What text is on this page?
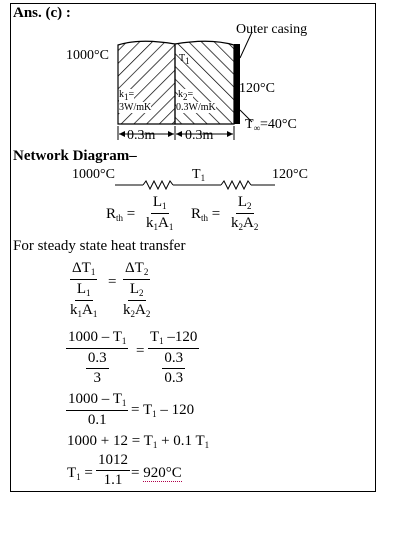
Ans. (c) :
Outer casing
1000°C	T1
120°C
$T_\infty=40^\circ C$
k1=
3W/mK
k2=
0.3W/mK
0.3m 0.3m
Network Diagram–
1000°C	$T_1$	120°C
$R_{th} = \frac{L_1}{k_1A_1} R_{th} = \frac{L_2}{k_2A_2}$
For steady state heat transfer
$\Delta T_1$
$L_1$
$k_1A_1$
=
$\Delta T_2$
$L_2$
$k_2A_2$
$1000 - T_1$
0.3
3
=
$T_1$ –120
0.3
0.3
$\frac{1000 - T_1}{0.1} = T_1 - 120$
$1000 + 12 = T_1 + 0.1$ $T_1$
$T_1 = \frac{1012}{1.1} = 920^\circ C$
